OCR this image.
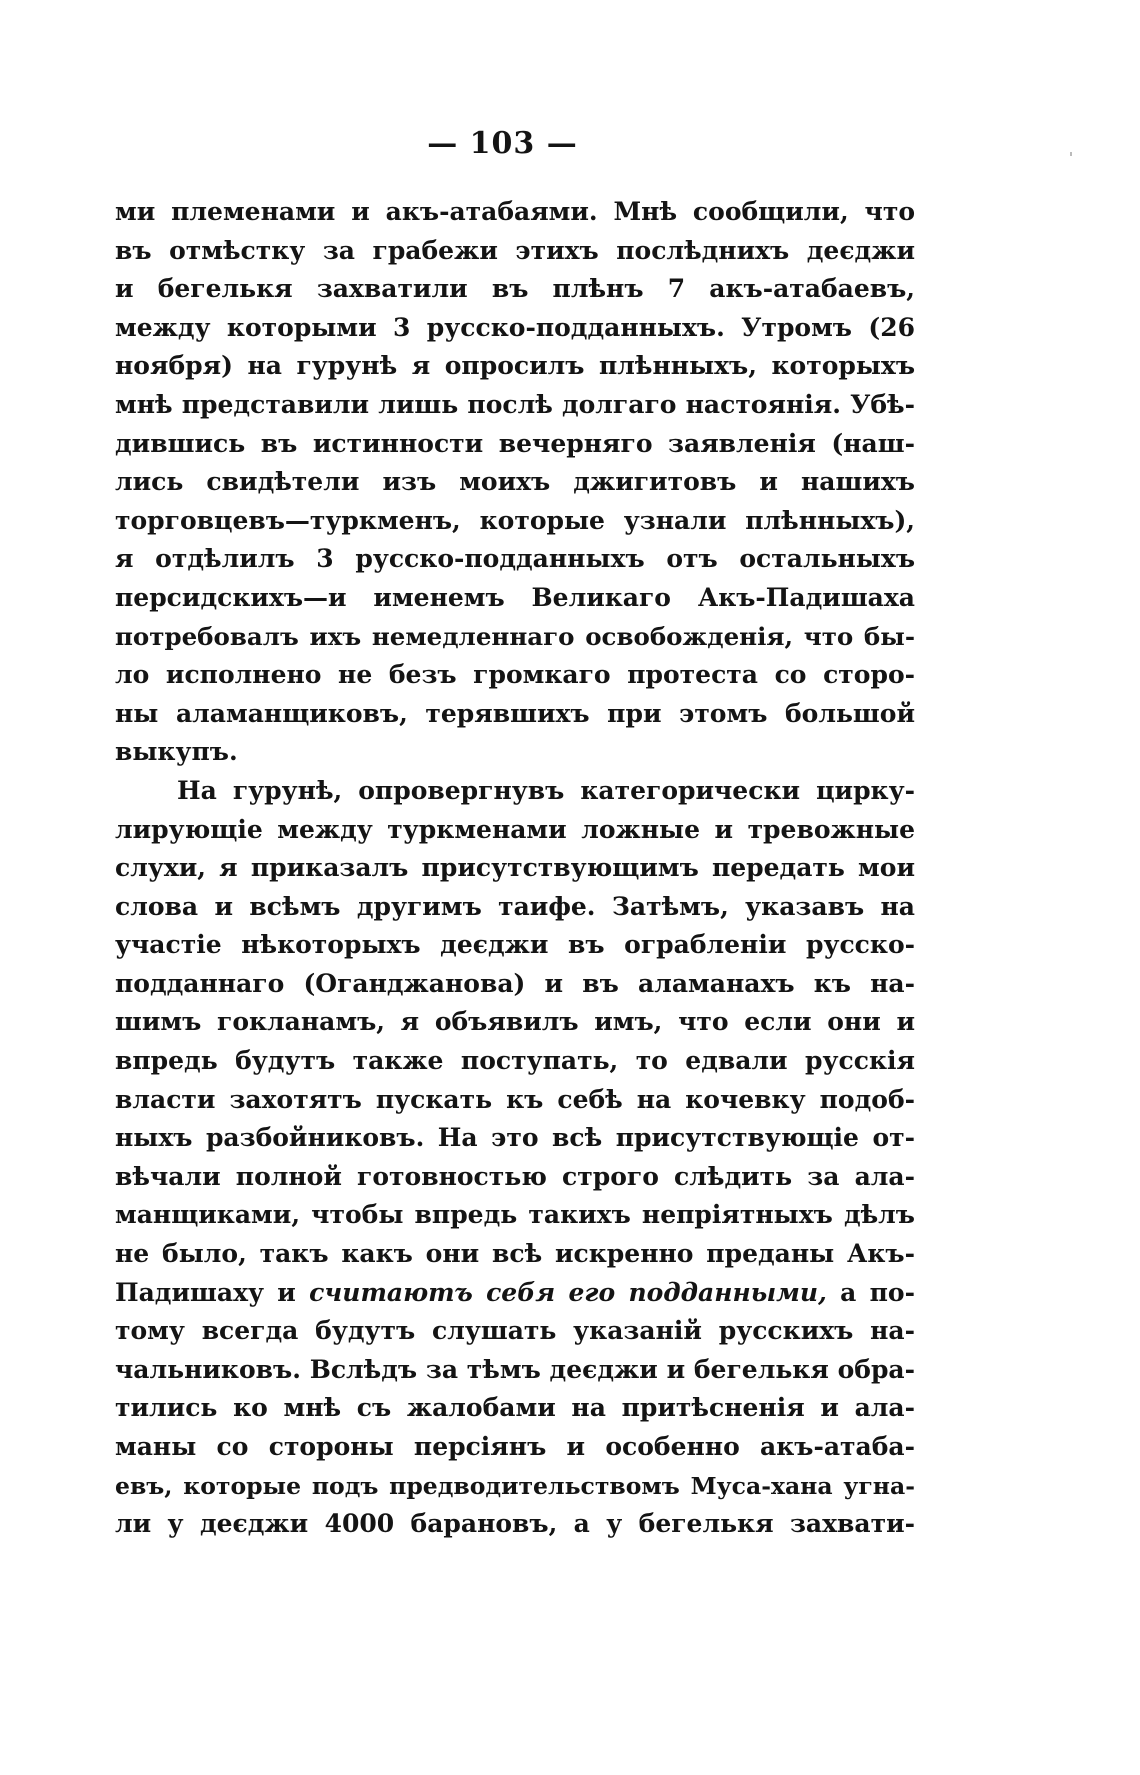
— 103 —
ми племенами и акъ-атабаями. Мнѣ сообщили, что
въ отмѣстку за грабежи этихъ послѣднихъ деєджи
и бегелькя захватили въ плѣнъ 7 акъ-атабаевъ,
между которыми 3 русско-подданныхъ. Утромъ (26
ноября) на гурунѣ я опросилъ плѣнныхъ, которыхъ
мнѣ представили лишь послѣ долгаго настоянія. Убѣ-
дившись въ истинности вечерняго заявленія (наш-
лись свидѣтели изъ моихъ джигитовъ и нашихъ
торговцевъ—туркменъ, которые узнали плѣнныхъ),
я отдѣлилъ 3 русско-подданныхъ отъ остальныхъ
персидскихъ—и именемъ Великаго Акъ-Падишаха
потребовалъ ихъ немедленнаго освобожденія, что бы-
ло исполнено не безъ громкаго протеста со сторо-
ны аламанщиковъ, терявшихъ при этомъ большой
выкупъ.
На гурунѣ, опровергнувъ категорически цирку-
лирующіе между туркменами ложные и тревожные
слухи, я приказалъ присутствующимъ передать мои
слова и всѣмъ другимъ таифе. Затѣмъ, указавъ на
участіе нѣкоторыхъ деєджи въ ограбленіи русско-
подданнаго (Оганджанова) и въ аламанахъ къ на-
шимъ гокланамъ, я объявилъ имъ, что если они и
впредь будутъ также поступать, то едвали русскія
власти захотятъ пускать къ себѣ на кочевку подоб-
ныхъ разбойниковъ. На это всѣ присутствующіе от-
вѣчали полной готовностью строго слѣдить за ала-
манщиками, чтобы впредь такихъ непріятныхъ дѣлъ
не было, такъ какъ они всѣ искренно преданы Акъ-
Падишаху и считаютъ себя его подданными, а по-
тому всегда будутъ слушать указаній русскихъ на-
чальниковъ. Вслѣдъ за тѣмъ деєджи и бегелькя обра-
тились ко мнѣ съ жалобами на притѣсненія и ала-
маны со стороны персіянъ и особенно акъ-атаба-
евъ, которые подъ предводительствомъ Муса-хана угна-
ли у деєджи 4000 барановъ, а у бегелькя захвати-
